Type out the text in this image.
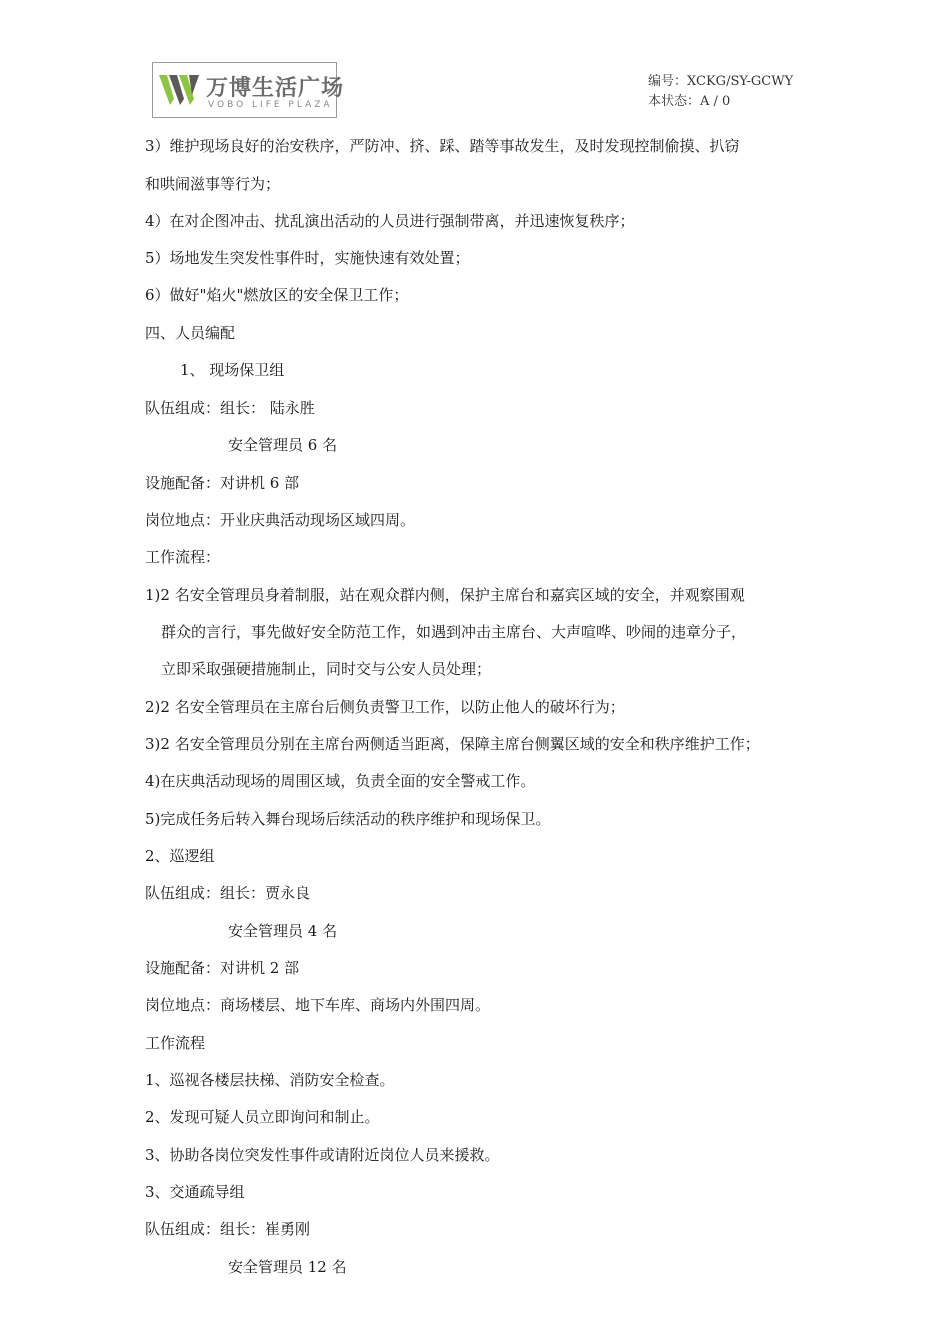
万博生活广场
VOBO LIFE PLAZA
编号：XCKG/SY-GCWY
本状态：A / 0
3）维护现场良好的治安秩序，严防冲、挤、踩、踏等事故发生，及时发现控制偷摸、扒窃
和哄闹滋事等行为；
4）在对企图冲击、扰乱演出活动的人员进行强制带离，并迅速恢复秩序；
5）场地发生突发性事件时，实施快速有效处置；
6）做好"焰火"燃放区的安全保卫工作；
四、人员编配
1、 现场保卫组
队伍组成：组长： 陆永胜
安全管理员 6 名
设施配备：对讲机 6 部
岗位地点：开业庆典活动现场区域四周。
工作流程：
1)2 名安全管理员身着制服，站在观众群内侧，保护主席台和嘉宾区域的安全，并观察围观
群众的言行，事先做好安全防范工作，如遇到冲击主席台、大声喧哗、吵闹的违章分子，
立即采取强硬措施制止，同时交与公安人员处理；
2)2 名安全管理员在主席台后侧负责警卫工作，以防止他人的破坏行为；
3)2 名安全管理员分别在主席台两侧适当距离，保障主席台侧翼区域的安全和秩序维护工作；
4)在庆典活动现场的周围区域，负责全面的安全警戒工作。
5)完成任务后转入舞台现场后续活动的秩序维护和现场保卫。
2、巡逻组
队伍组成：组长：贾永良
安全管理员 4 名
设施配备：对讲机 2 部
岗位地点：商场楼层、地下车库、商场内外围四周。
工作流程
1、巡视各楼层扶梯、消防安全检查。
2、发现可疑人员立即询问和制止。
3、协助各岗位突发性事件或请附近岗位人员来援救。
3、交通疏导组
队伍组成：组长：崔勇刚
安全管理员 12 名
